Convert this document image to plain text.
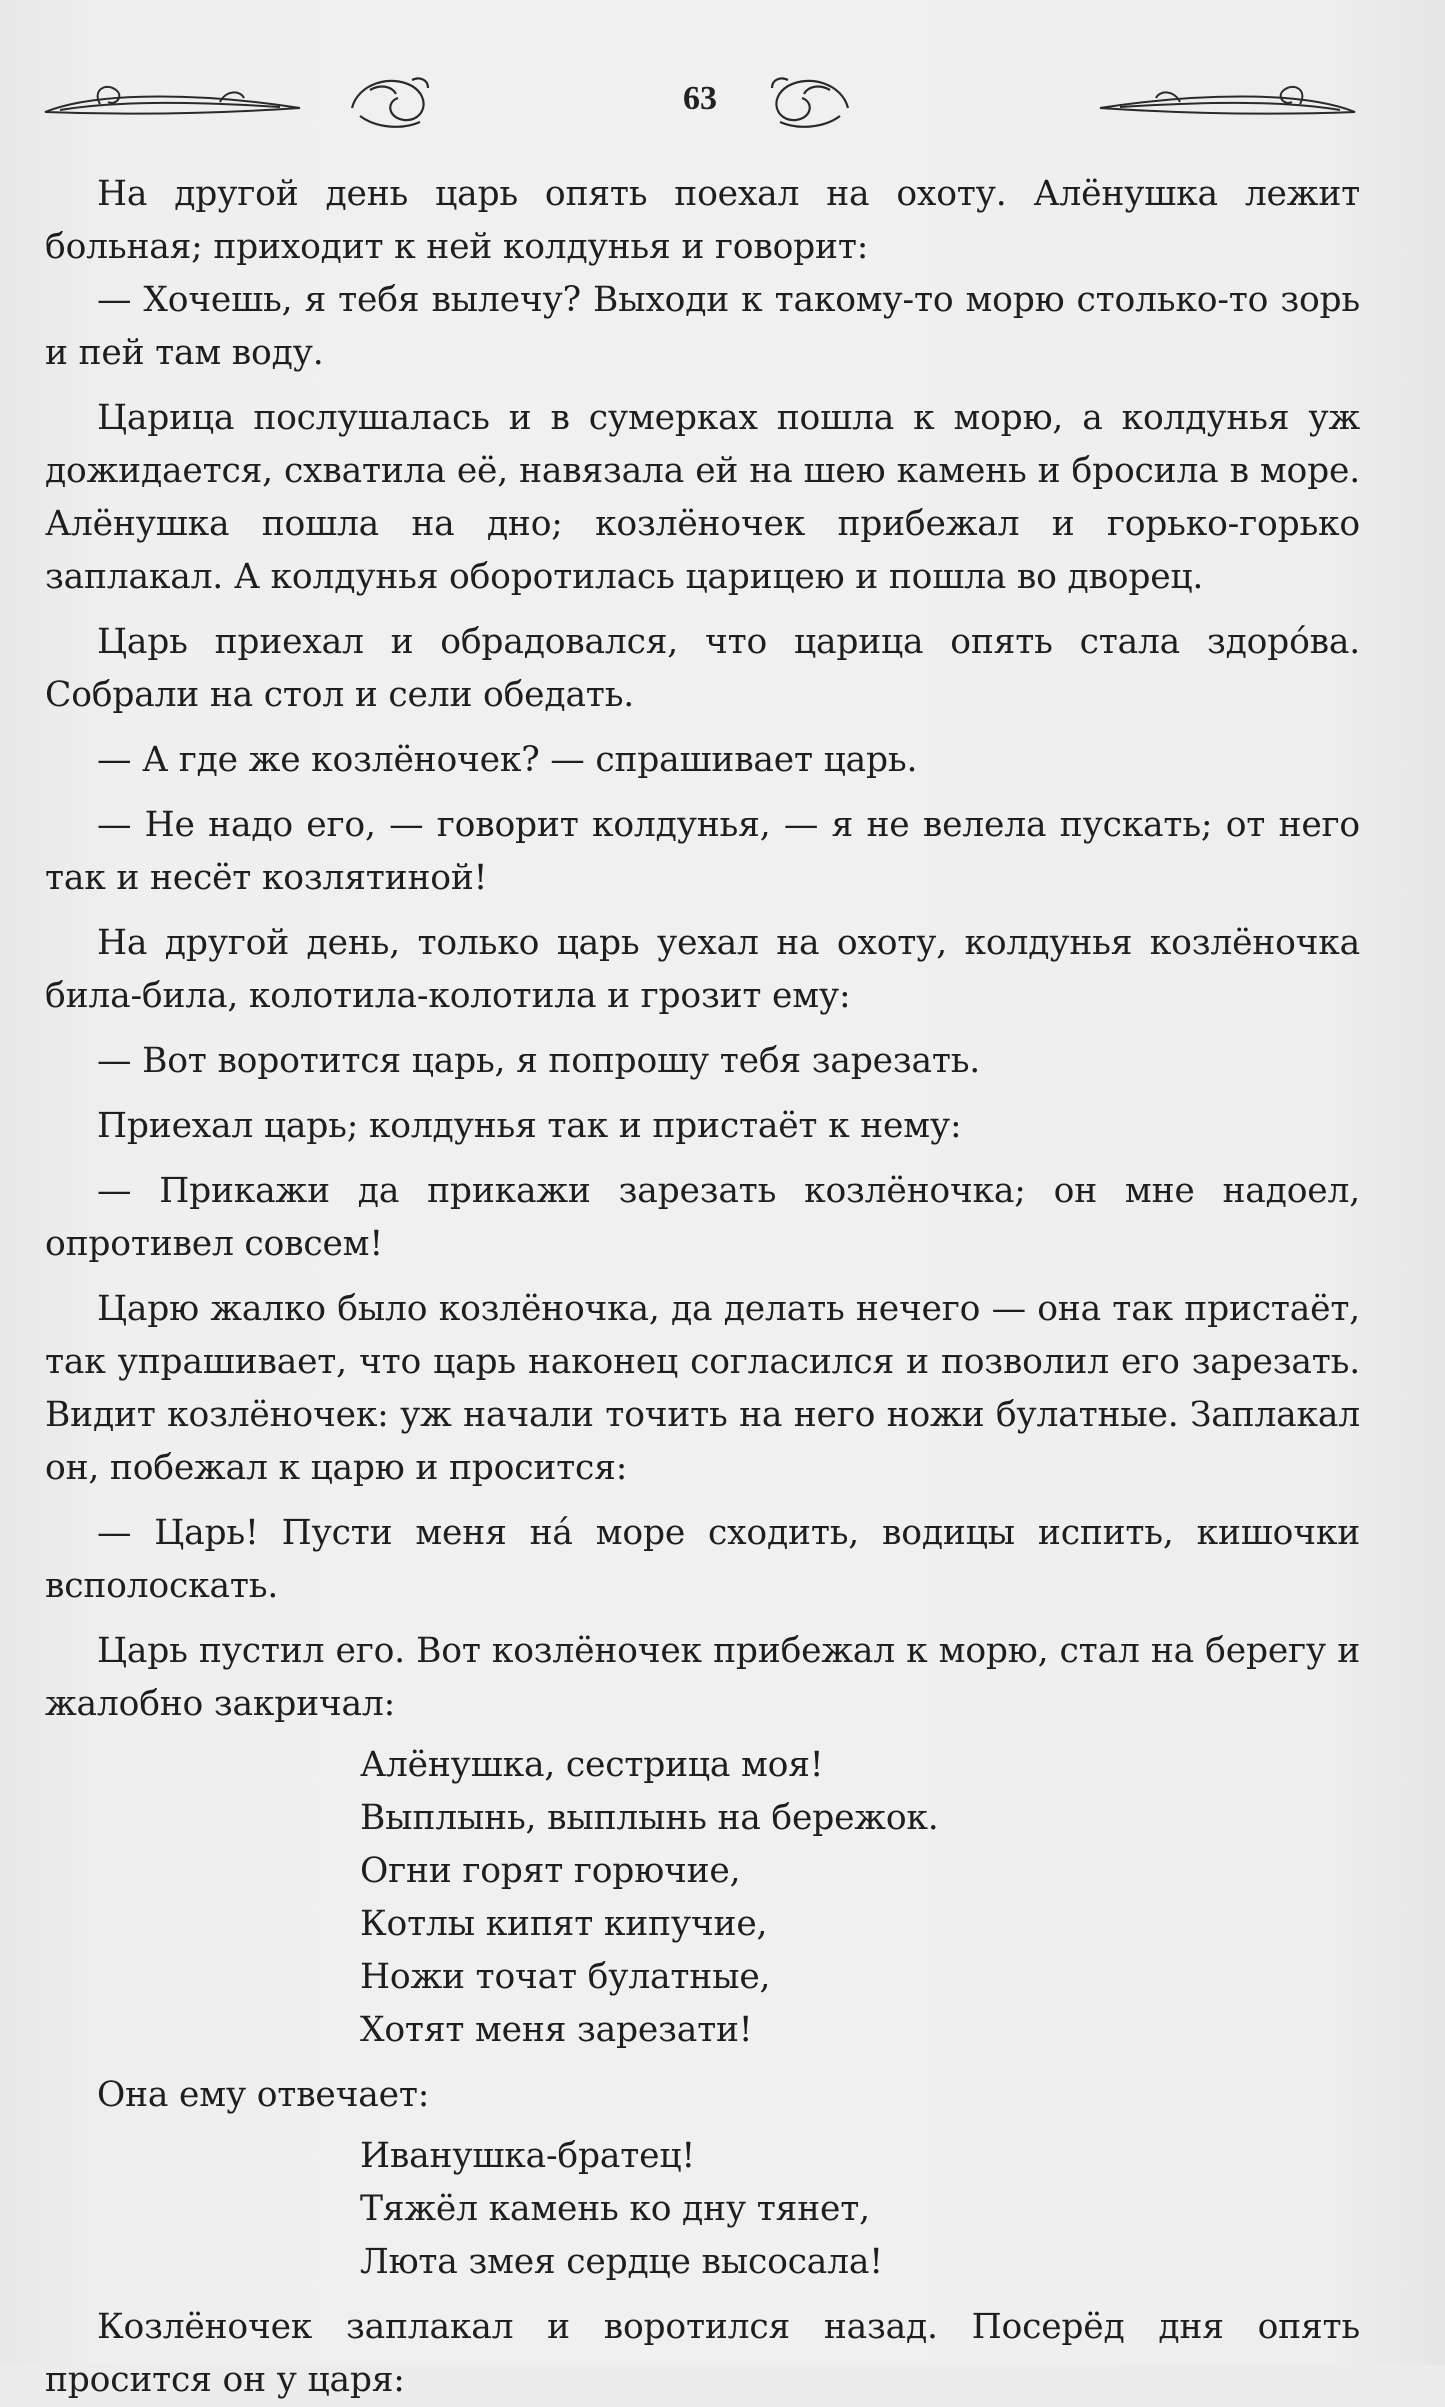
63

На другой день царь опять поехал на охоту. Алёнушка лежит больная; приходит к ней колдунья и говорит:

— Хочешь, я тебя вылечу? Выходи к такому-то морю столько-то зорь и пей там воду.

Царица послушалась и в сумерках пошла к морю, а колдунья уж дожидается, схватила её, навязала ей на шею камень и бросила в море. Алёнушка пошла на дно; козлёночек прибежал и горько-горько заплакал. А колдунья оборотилась царицею и пошла во дворец.

Царь приехал и обрадовался, что царица опять стала здоро́ва. Собрали на стол и сели обедать.

— А где же козлёночек? — спрашивает царь.

— Не надо его, — говорит колдунья, — я не велела пускать; от него так и несёт козлятиной!

На другой день, только царь уехал на охоту, колдунья козлёночка била-била, колотила-колотила и грозит ему:

— Вот воротится царь, я попрошу тебя зарезать.

Приехал царь; колдунья так и пристаёт к нему:

— Прикажи да прикажи зарезать козлёночка; он мне надоел, опротивел совсем!

Царю жалко было козлёночка, да делать нечего — она так пристаёт, так упрашивает, что царь наконец согласился и позволил его зарезать. Видит козлёночек: уж начали точить на него ножи булатные. Заплакал он, побежал к царю и просится:

— Царь! Пусти меня на́ море сходить, водицы испить, кишочки всполоскать.

Царь пустил его. Вот козлёночек прибежал к морю, стал на берегу и жалобно закричал:

Алёнушка, сестрица моя!
Выплынь, выплынь на бережок.
Огни горят горючие,
Котлы кипят кипучие,
Ножи точат булатные,
Хотят меня зарезати!

Она ему отвечает:

Иванушка-братец!
Тяжёл камень ко дну тянет,
Люта змея сердце высосала!

Козлёночек заплакал и воротился назад. Посерёд дня опять просится он у царя:
